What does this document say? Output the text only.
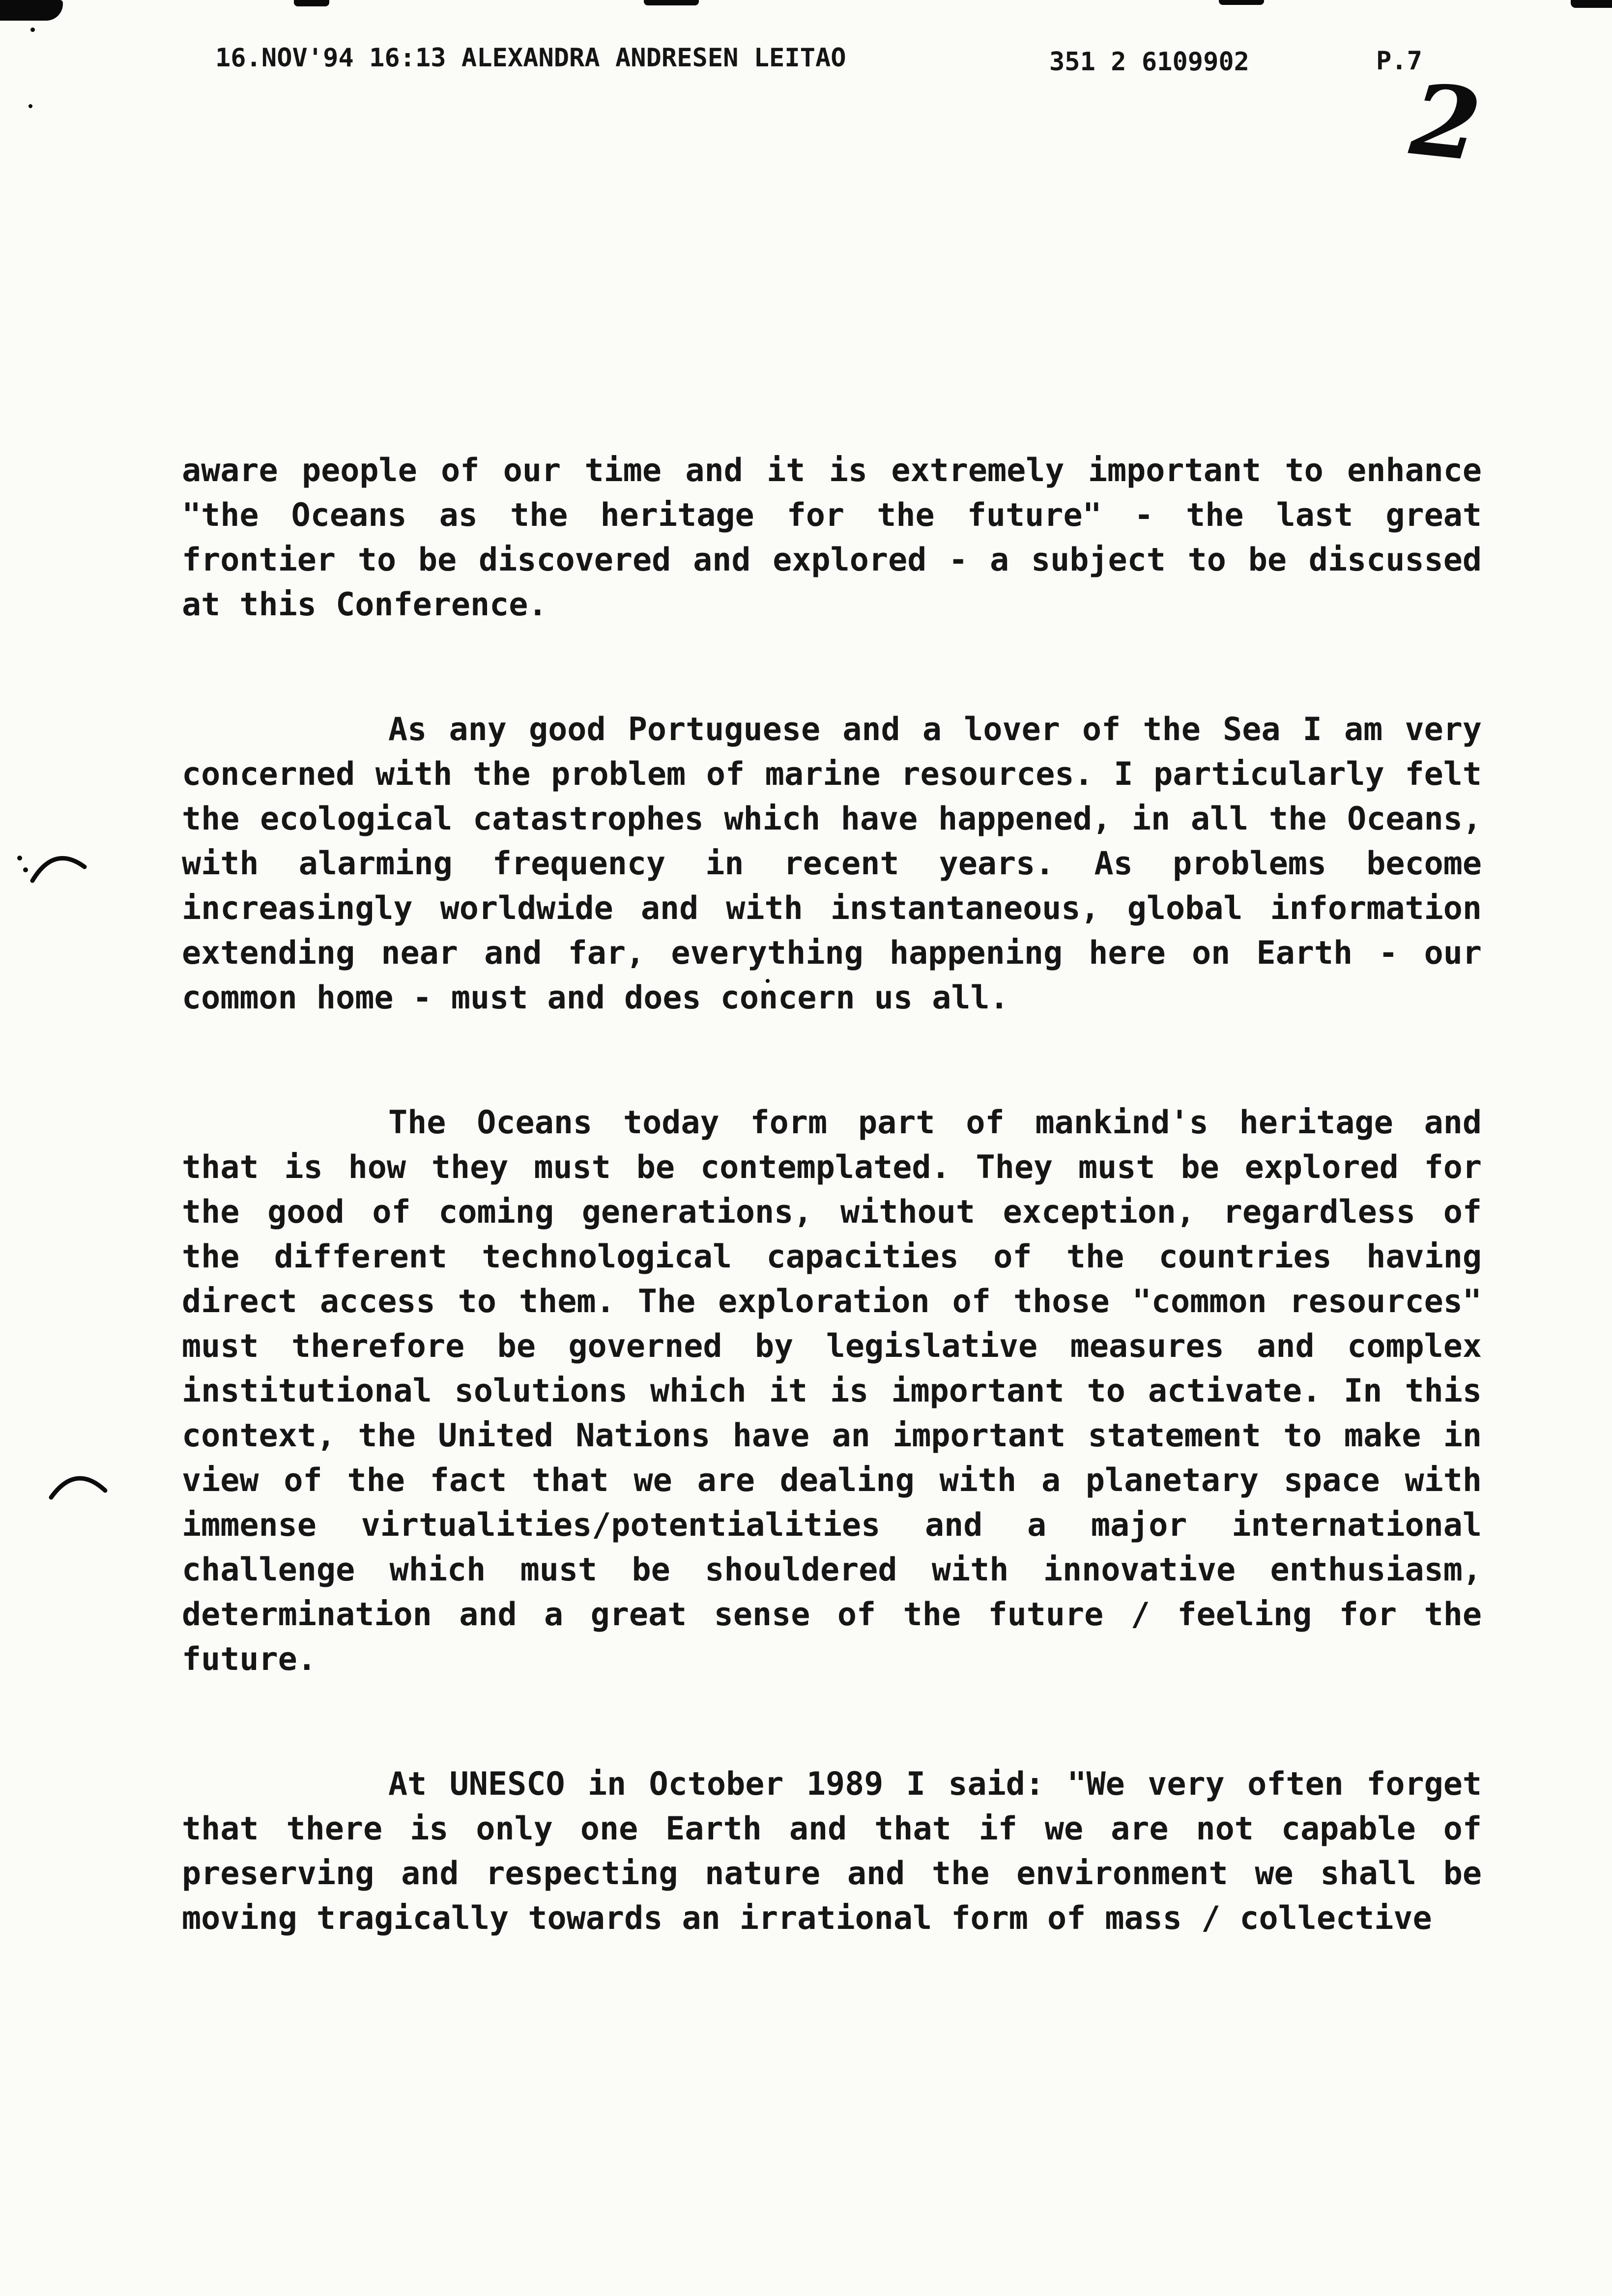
16.NOV'94 16:13 ALEXANDRA ANDRESEN LEITAO	351 2 6109902	P.7
2

aware people of our time and it is extremely important to enhance "the Oceans as the heritage for the future" - the last great frontier to be discovered and explored - a subject to be discussed at this Conference.

As any good Portuguese and a lover of the Sea I am very concerned with the problem of marine resources. I particularly felt the ecological catastrophes which have happened, in all the Oceans, with alarming frequency in recent years. As problems become increasingly worldwide and with instantaneous, global information extending near and far, everything happening here on Earth - our common home - must and does concern us all.

The Oceans today form part of mankind's heritage and that is how they must be contemplated. They must be explored for the good of coming generations, without exception, regardless of the different technological capacities of the countries having direct access to them. The exploration of those "common resources" must therefore be governed by legislative measures and complex institutional solutions which it is important to activate. In this context, the United Nations have an important statement to make in view of the fact that we are dealing with a planetary space with immense virtualities/potentialities and a major international challenge which must be shouldered with innovative enthusiasm, determination and a great sense of the future / feeling for the future.

At UNESCO in October 1989 I said: "We very often forget that there is only one Earth and that if we are not capable of preserving and respecting nature and the environment we shall be moving tragically towards an irrational form of mass / collective
